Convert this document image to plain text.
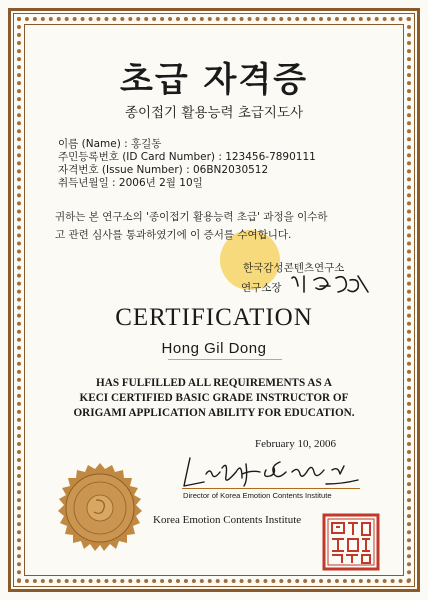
초급 자격증
종이접기 활용능력 초급지도사
이름 (Name) : 홍길동
주민등록번호 (ID Card Number) : 123456-7890111
자격번호 (Issue Number) : 06BN2030512
취득년월일 : 2006년 2월 10일
귀하는 본 연구소의 '종이접기 활용능력 초급' 과정을 이수하
고 관련 심사를 통과하였기에 이 증서를 수여합니다.
한국감성콘텐츠연구소
연구소장
CERTIFICATION
Hong Gil Dong
HAS FULFILLED ALL REQUIREMENTS AS A
KECI CERTIFIED BASIC GRADE INSTRUCTOR OF
ORIGAMI APPLICATION ABILITY FOR EDUCATION.
February 10, 2006
Director of Korea Emotion Contents Institute
Korea Emotion Contents Institute
